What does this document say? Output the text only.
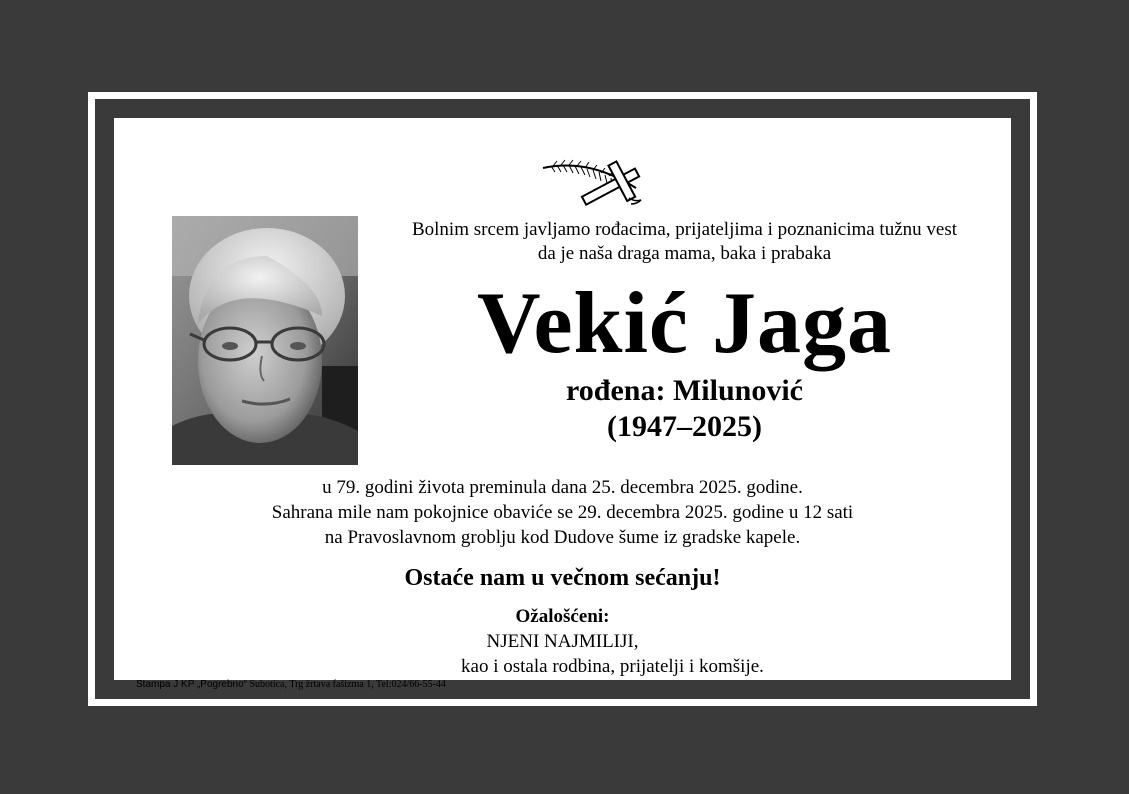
Bolnim srcem javljamo rođacima, prijateljima i poznanicima tužnu vest
da je naša draga mama, baka i prabaka
Vekić Jaga
rođena: Milunović
(1947–2025)
u 79. godini života preminula dana 25. decembra 2025. godine.
Sahrana mile nam pokojnice obaviće se 29. decembra 2025. godine u 12 sati
na Pravoslavnom groblju kod Dudove šume iz gradske kapele.
Ostaće nam u večnom sećanju!
Ožalošćeni:
NJENI NAJMILIJI,
kao i ostala rodbina, prijatelji i komšije.
Stampa J KP „Pogrebno“ Subotica, Trg žrtava fašizma 1, Tel:024/66-55-44
